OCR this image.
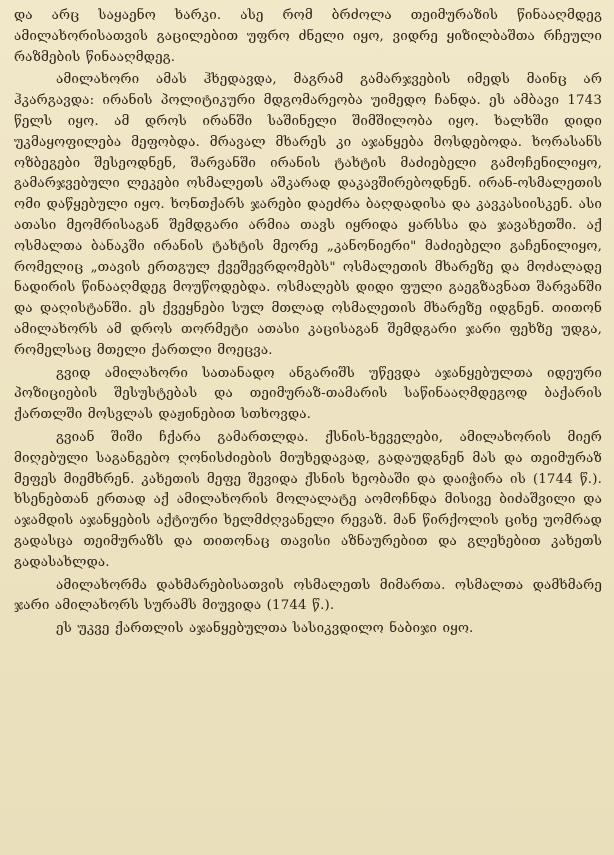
და არც საყაენო ხარკი. ასე რომ ბრძოლა თეიმურაზის წინააღმდეგ ამილახორისათვის გაცილებით უფრო ძნელი იყო, ვიდრე ყიზილბაშთა რჩეული რაზმების წინააღმდეგ.

ამილახორი ამას ჰხედავდა, მაგრამ გამარჯვების იმედს მაინც არ ჰკარგავდა: ირანის პოლიტიკური მდგომარეობა უიმედო ჩანდა. ეს ამბავი 1743 წელს იყო. ამ დროს ირანში საშინელი შიმშილობა იყო. ხალხში დიდი უკმაყოფილება მეფობდა. მრავალ მხარეს კი აჯანყება მოსდებოდა. ხორასანს ოზბეგები შესეოდნენ, შარვანში ირანის ტახტის მაძიებელი გამოჩენილიყო, გამარჯვებული ლეკები ოსმალეთს აშკარად დაკავშირებოდნენ. ირან-ოსმალეთის ომი დაწყებული იყო. ხონთქარს ჯარები დაეძრა ბაღდადისა და კავკასიისკენ. ასი ათასი მეომრისაგან შემდგარი არმია თავს იყრიდა ყარსსა და ჯავახეთში. აქ ოსმალთა ბანაკში ირანის ტახტის მეორე „კანონიერი" მაძიებელი გაჩენილიყო, რომელიც „თავის ერთგულ ქვეშევრდომებს" ოსმალეთის მხარეზე და მოძალადე ნადირის წინააღმდეგ მოუწოდებდა. ოსმალებს დიდი ფული გაეგზავნათ შარვანში და დაღისტანში. ეს ქვეყნები სულ მთლად ოსმალეთის მხარეზე იდგნენ. თითონ ამილახორს ამ დროს თორმეტი ათასი კაცისაგან შემდგარი ჯარი ფეხზე უდგა, რომელსაც მთელი ქართლი მოეცვა.

გვიდ ამილახორი სათანადო ანგარიშს უწევდა აჯანყებულთა იდეური პოზიციების შესუსტებას და თეიმურაზ-თამარის საწინააღმდეგოდ ბაქარის ქართლში მოსვლას დაჟინებით სთხოვდა.

გვიან შიში ჩქარა გამართლდა. ქსნის-ხეველები, ამილახორის მიერ მიღებული საგანგებო ღონისძიების მიუხედავად, გადაუდგნენ მას და თეიმურაზ მეფეს მიემხრენ. კახეთის მეფე შევიდა ქსნის ხეობაში და დაიჭირა ის (1744 წ.). ხსენებთან ერთად აქ ამილახორის მოლალატე აომოჩნდა მისივე ბიძაშვილი და აჯამდის აჯანყების აქტიური ხელმძღვანელი რევაზ. მან წირქოლის ციხე უომრად გადასცა თეიმურაზს და თითონაც თავისი აზნაურებით და გლეხებით კახეთს გადასახლდა.

ამილახორმა დახმარებისათვის ოსმალეთს მიმართა. ოსმალთა დამხმარე ჯარი ამილახორს სურამს მიუვიდა (1744 წ.).

ეს უკვე ქართლის აჯანყებულთა სასიკვდილო ნაბიჯი იყო.
